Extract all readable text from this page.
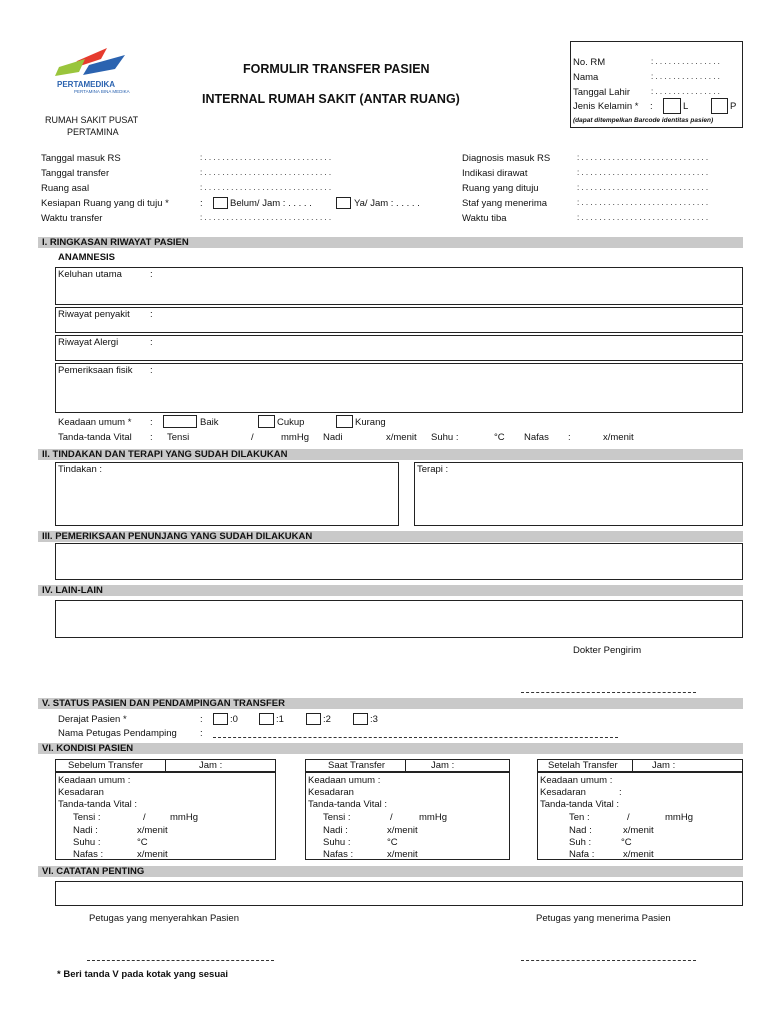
PERTAMEDIKA
PERTAMINA BINA MEDIKA
RUMAH SAKIT PUSAT
PERTAMINA
FORMULIR TRANSFER PASIEN
INTERNAL RUMAH SAKIT (ANTAR RUANG)
No. RM	: . . . . . . . . . . . . . . .
Nama	: . . . . . . . . . . . . . . .
Tanggal Lahir	: . . . . . . . . . . . . . . .
Jenis Kelamin * :	L	P
(dapat ditempelkan Barcode identitas pasien)
Tanggal masuk RS	: . . . . . . . . . . . . . . . . . . . . . . . . . . . . .
Tanggal transfer	: . . . . . . . . . . . . . . . . . . . . . . . . . . . . .
Ruang asal	: . . . . . . . . . . . . . . . . . . . . . . . . . . . . .
Kesiapan Ruang yang di tuju *	:	Belum/ Jam : . . . . .	Ya/ Jam : . . . . .
Waktu transfer	: . . . . . . . . . . . . . . . . . . . . . . . . . . . . .
Diagnosis masuk RS	: . . . . . . . . . . . . . . . . . . . . . . . . . . . . .
Indikasi dirawat	: . . . . . . . . . . . . . . . . . . . . . . . . . . . . .
Ruang yang dituju	: . . . . . . . . . . . . . . . . . . . . . . . . . . . . .
Staf yang menerima	: . . . . . . . . . . . . . . . . . . . . . . . . . . . . .
Waktu tiba	: . . . . . . . . . . . . . . . . . . . . . . . . . . . . .
I. RINGKASAN RIWAYAT PASIEN
ANAMNESIS
Keluhan utama	:
Riwayat penyakit :
Riwayat Alergi	:
Pemeriksaan fisik :
Keadaan umum * :	Baik	Cukup	Kurang
Tanda-tanda Vital : Tensi	/	mmHg Nadi	x/menit Suhu :	°C Nafas :	x/menit
II. TINDAKAN DAN TERAPI YANG SUDAH DILAKUKAN
Tindakan :	Terapi :
III. PEMERIKSAAN PENUNJANG YANG SUDAH DILAKUKAN
IV. LAIN-LAIN
Dokter Pengirim
V. STATUS PASIEN DAN PENDAMPINGAN TRANSFER
Derajat Pasien *	:	:0	:1	:2	:3
Nama Petugas Pendamping :
VI. KONDISI PASIEN
Sebelum Transfer	Jam :
Keadaan umum :
Kesadaran
Tanda-tanda Vital :
Tensi :	/	mmHg
Nadi :	x/menit
Suhu :	°C
Nafas :	x/menit
Saat Transfer	Jam :
Keadaan umum :
Kesadaran
Tanda-tanda Vital :
Tensi :	/	mmHg
Nadi :	x/menit
Suhu :	°C
Nafas :	x/menit
Setelah Transfer	Jam :
Keadaan umum :
Kesadaran	:
Tanda-tanda Vital :
Ten :	/	mmHg
Nad :	x/menit
Suh :	°C
Nafa :	x/menit
VI. CATATAN PENTING
Petugas yang menyerahkan Pasien	Petugas yang menerima Pasien
* Beri tanda V pada kotak yang sesuai
